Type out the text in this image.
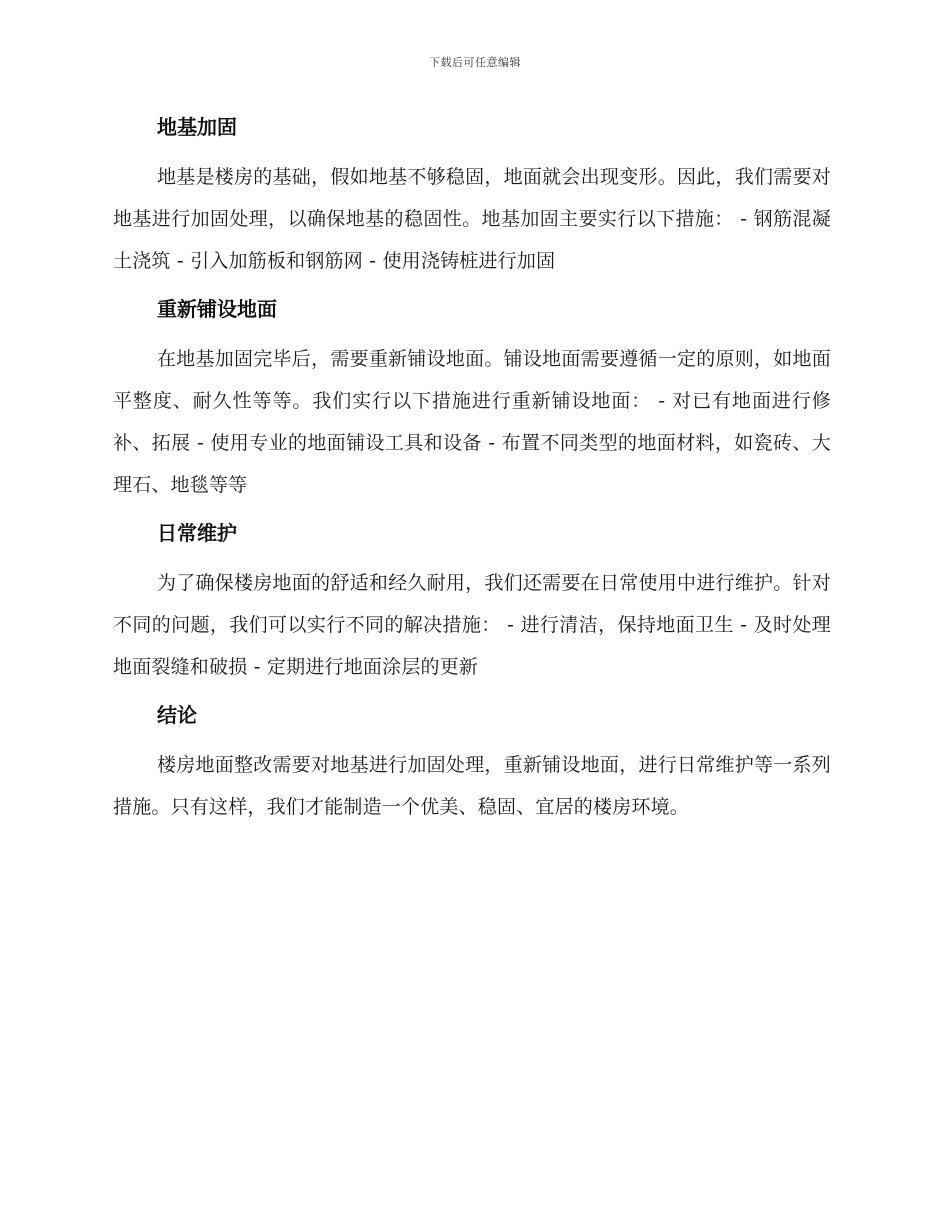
下载后可任意编辑
地基加固

地基是楼房的基础，假如地基不够稳固，地面就会出现变形。因此，我们需要对地基进行加固处理，以确保地基的稳固性。地基加固主要实行以下措施： - 钢筋混凝土浇筑 - 引入加筋板和钢筋网 - 使用浇铸桩进行加固

重新铺设地面

在地基加固完毕后，需要重新铺设地面。铺设地面需要遵循一定的原则，如地面平整度、耐久性等等。我们实行以下措施进行重新铺设地面： - 对已有地面进行修补、拓展 - 使用专业的地面铺设工具和设备 - 布置不同类型的地面材料，如瓷砖、大理石、地毯等等

日常维护

为了确保楼房地面的舒适和经久耐用，我们还需要在日常使用中进行维护。针对不同的问题，我们可以实行不同的解决措施： - 进行清洁，保持地面卫生 - 及时处理地面裂缝和破损 - 定期进行地面涂层的更新

结论

楼房地面整改需要对地基进行加固处理，重新铺设地面，进行日常维护等一系列措施。只有这样，我们才能制造一个优美、稳固、宜居的楼房环境。
